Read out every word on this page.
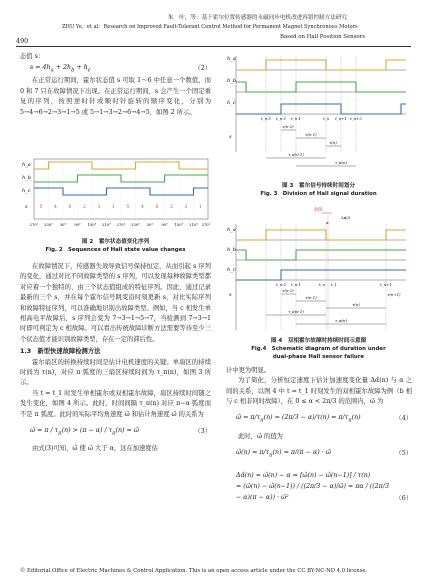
490
朱　叶，等：基于霍尔位置传感器的永磁同步电机改进容错控制方法研究
ZHU Ye，et al：Research on Improved Fault-Tolerant Control Method for Permanent Magnet Synchronous Motors
Based on Hall Position Sensors

态值 s：

$s = 4h_a + 2h_b + h_c$	（2）

在正常运行期间，霍尔状态值 s 可取 1～6 中任意一个数值，而 0 和 7 只在故障情况下出现。在正常运行期间，s 会产生一个固定重复的序列，按照逆时针或顺时针旋转的顺序变化，分别为 5→4→6→2→3→1→5 或 5→1→3→2→6→4→5，如图 2 所示。

h_a
h_b
h_c
s	5	4	6	2	3	1	5	4	6	2	3	1
270° 330° 30° 90° 150° 210° 270° 330° 30° 90° 150° 210° 270°
图 2　霍尔状态值变化序列
Fig. 2　Sequences of Hall state value changes

在故障情况下，传感器失效导致信号保持恒定，从而引起 s 序列的变化，通过对比不同故障类型的 s 序列，可以发现每种故障类型都对应着一个独特的、由三个状态值组成的特征序列。因此，通过记录最新的三个 s，并在每个霍尔信号跳变沿时刻更新 s，对比实际序列和故障特征序列，可以准确地识别出故障类型。例如，当 c 相发生单相高电平故障后，s 序列会变为 7→3→1→5→7，当检测到 7→3→1 时即可判定为 c 相故障。可以看出传统故障诊断方法需要等待至少三个状态值才能识别故障类型，存在一定的滞后性。

1.3　新型快速故障检测方法

霍尔扇区的转换持续时间是估计电机速度的关键。单扇区的持续时间为 τ(n)，对应 π 弧度的三扇区持续时间为 τ_π(n)，如图 3 所示。

当 t = t_1 时发生单相霍尔或双相霍尔故障，扇区持续时间随之发生变化，如图 4 所示。此时，时间间隔 τ_π(n) 对应 π−α 弧度而不是 π 弧度。此时的实际平均角速度 ω̄ 和估计角速度 ω̂ 的关系为

ω̂ = $\pi / \tau_\pi(n) > (\pi - \alpha) / \tau_\pi(n)$ = ω̄	（3）

由式(3)可知，ω̂ 使 ω̄ 大于 α，这在加速度估

h_a
h_b
h_c
s
t_n-3 t_n-2 t_n-1	t_n t_n+1 t_n+2
τ(n-2)
τ(n-1)
τ(n)
τ_π(n-1)
τ_π(n)
图 3　霍尔信号持续时间划分
Fig. 3　Division of Hall signal duration
故障
2π/3
α
h_a
h_b
h_c
s
t_n-2 t_n-1	t_n t_1	t_n+1
τ(n-2)
τ(n-1)
τ(n)
τ(n+1)
τ_π(n-1)
τ_π(n)
图 4　双相霍尔故障时持续时间示意图
Fig.4　Schematic diagram of duration under
dual-phase Hall sensor failure

计中更为明显。

为了简化，分析恒定速度下估计加速度变化量 Δα̂(n) 与 α 之间的关系，以图 4 中 t = t_1 时刻发生的双相霍尔故障为例（b 相与 c 相非同时故障），在 0 ≤ α < 2π/3 的范围内，ω̄ 为

ω̄ = $\pi/\tau_\pi(n) = (2\pi/3 - \alpha)/\tau(n) = \pi/\tau_\pi(n)$	（4）

此时，ω̂ 的值为

ω̂(n) = $\pi/\tau_\pi(n) = \pi/(\pi - \alpha)$ · ω̄	（5）
Δα̂(n) = ω̂(n) − α = [ω̂(n) − ω̂(n−1)] / τ(n)
= (ω̂(n) − ω̂(n−1)) / ((2π/3 − α)/ω̄) = πα / ((2π/3 − α)(π − α)) · ω̄²	（6）
© Editorial Office of Electric Machines & Control Application. This is an open access article under the CC BY-NC-ND 4.0 license.
